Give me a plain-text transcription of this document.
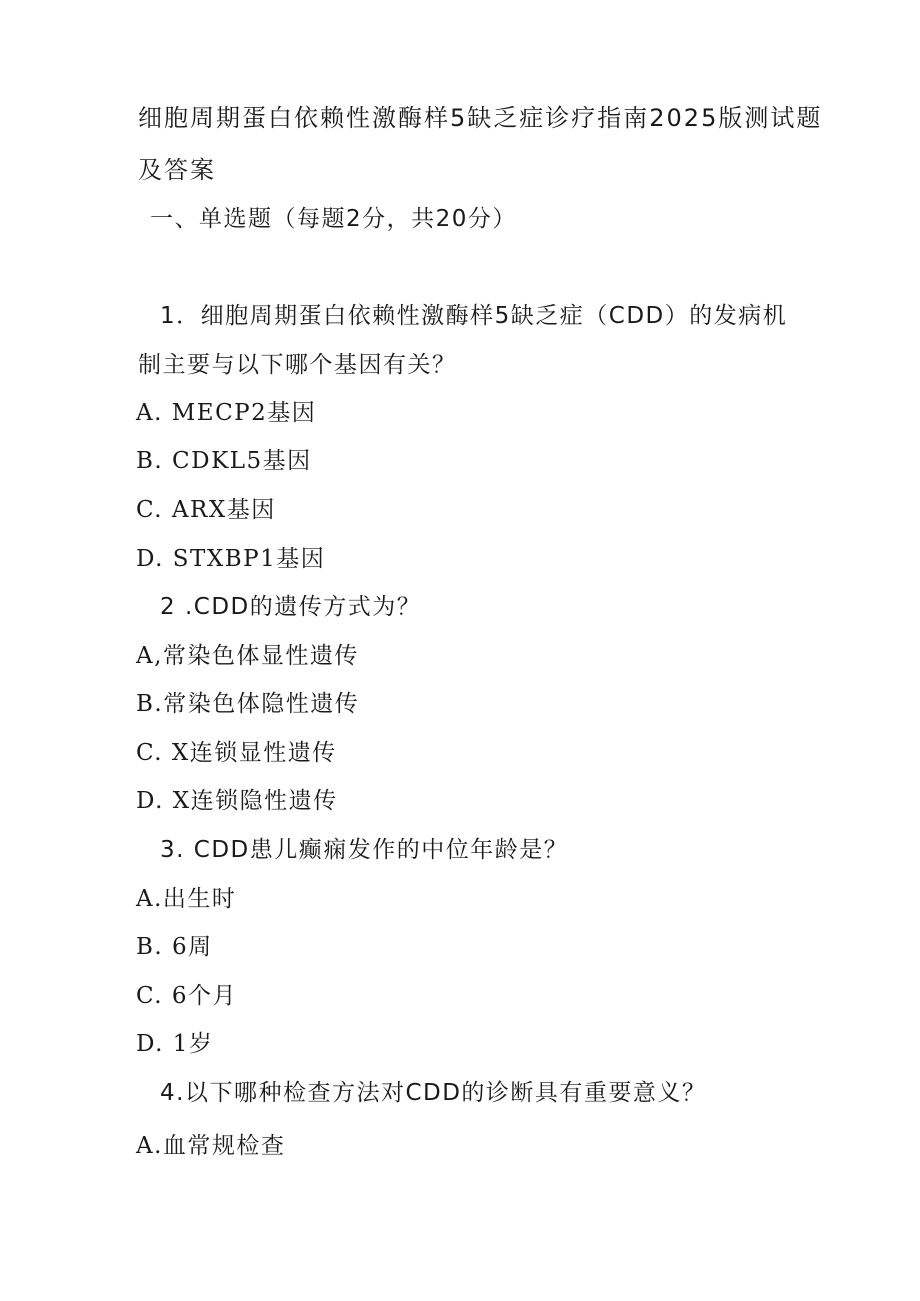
细胞周期蛋白依赖性激酶样5缺乏症诊疗指南2025版测试题
及答案
一、单选题（每题2分，共20分）
1．细胞周期蛋白依赖性激酶样5缺乏症（CDD）的发病机
制主要与以下哪个基因有关？
A. MECP2基因
B. CDKL5基因
C. ARX基因
D. STXBP1基因
2 .CDD的遗传方式为？
A,常染色体显性遗传
B.常染色体隐性遗传
C. X连锁显性遗传
D. X连锁隐性遗传
3. CDD患儿癫痫发作的中位年龄是？
A.出生时
B. 6周
C. 6个月
D. 1岁
4.以下哪种检查方法对CDD的诊断具有重要意义？
A.血常规检查
